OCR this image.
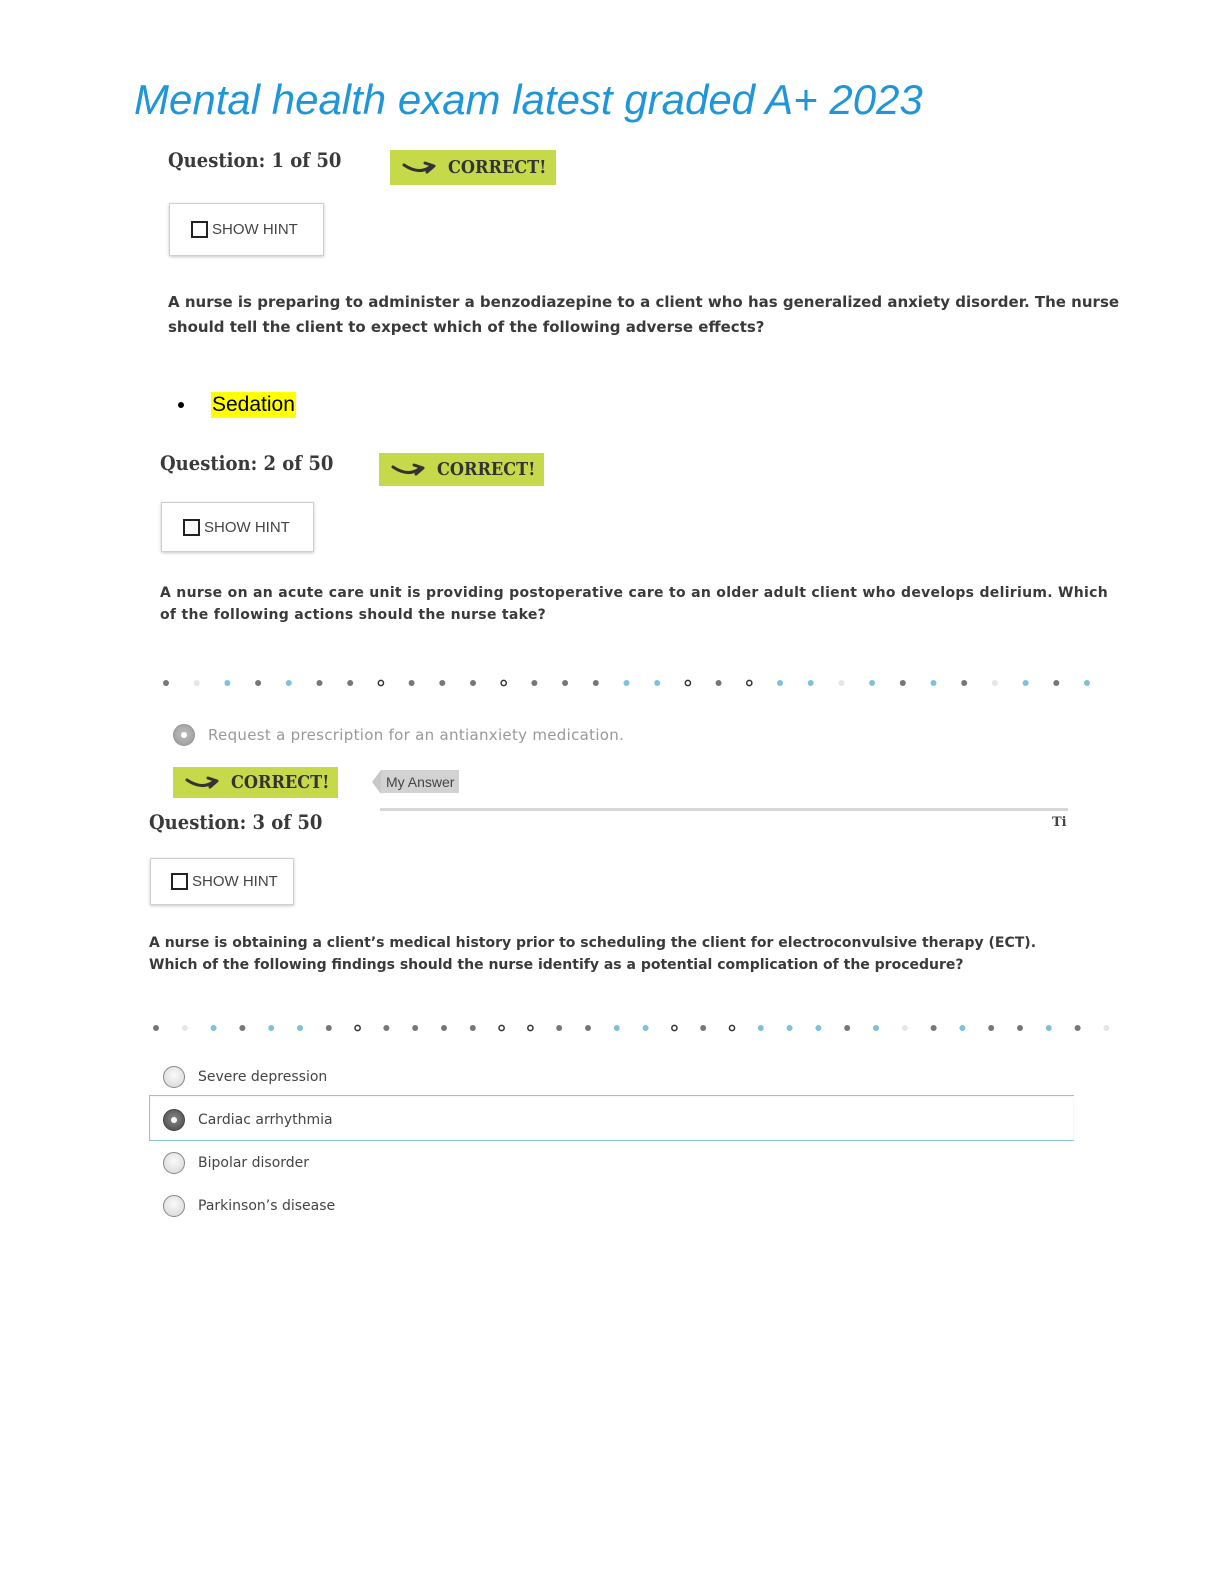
Mental health exam latest graded A+ 2023
Question: 1 of 50	CORRECT!
SHOW HINT

A nurse is preparing to administer a benzodiazepine to a client who has generalized anxiety disorder. The nurse

should tell the client to expect which of the following adverse effects?

Sedation
Question: 2 of 50	CORRECT!
SHOW HINT

A nurse on an acute care unit is providing postoperative care to an older adult client who develops delirium. Which

of the following actions should the nurse take?

Request a prescription for an antianxiety medication.
CORRECT!	My Answer
Question: 3 of 50	Ti
SHOW HINT

A nurse is obtaining a client’s medical history prior to scheduling the client for electroconvulsive therapy (ECT).

Which of the following findings should the nurse identify as a potential complication of the procedure?

Severe depression
Cardiac arrhythmia
Bipolar disorder
Parkinson’s disease
